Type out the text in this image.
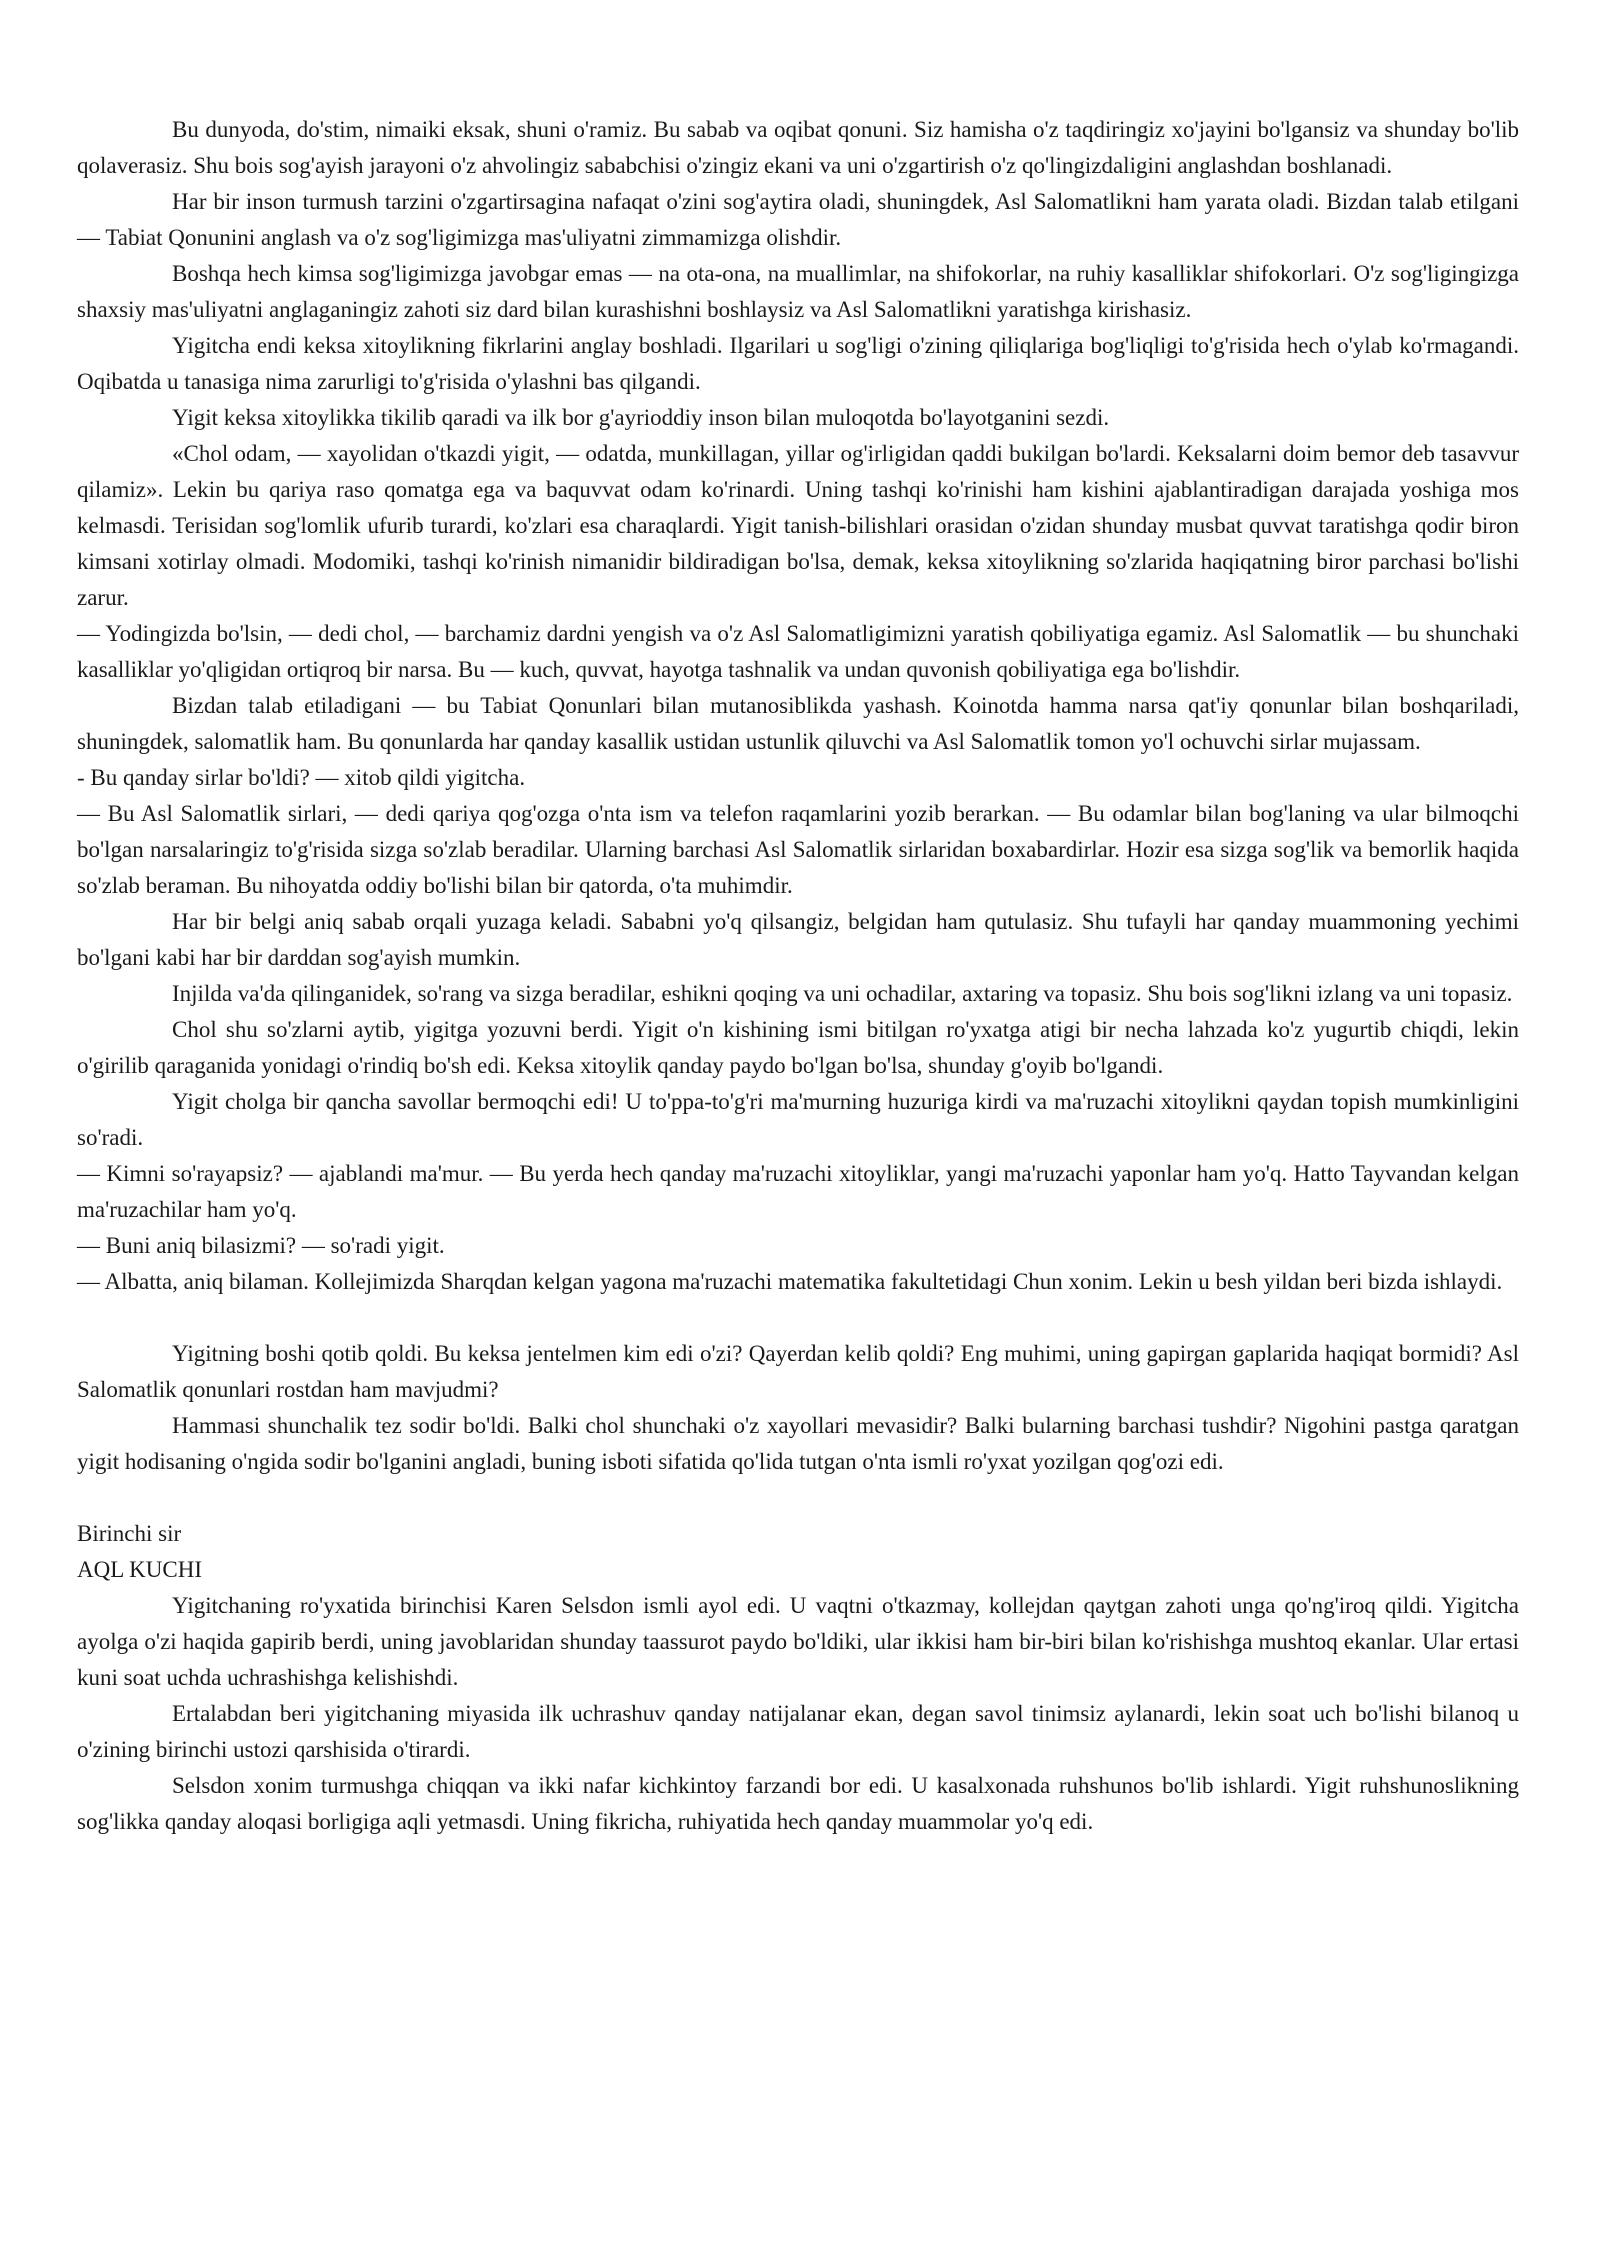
Bu dunyoda, do'stim, nimaiki eksak, shuni o'ramiz. Bu sabab va oqibat qonuni. Siz hamisha o'z taqdiringiz xo'jayini bo'lgansiz va shunday bo'lib qolaverasiz. Shu bois sog'ayish jarayoni o'z ahvolingiz sababchisi o'zingiz ekani va uni o'zgartirish o'z qo'lingizdaligini anglashdan boshlanadi.

Har bir inson turmush tarzini o'zgartirsagina nafaqat o'zini sog'aytira oladi, shuningdek, Asl Salomatlikni ham yarata oladi. Bizdan talab etilgani — Tabiat Qonunini anglash va o'z sog'ligimizga mas'uliyatni zimmamizga olishdir.

Boshqa hech kimsa sog'ligimizga javobgar emas — na ota-ona, na muallimlar, na shifokorlar, na ruhiy kasalliklar shifokorlari. O'z sog'ligingizga shaxsiy mas'uliyatni anglaganingiz zahoti siz dard bilan kurashishni boshlaysiz va Asl Salomatlikni yaratishga kirishasiz.

Yigitcha endi keksa xitoylikning fikrlarini anglay boshladi. Ilgarilari u sog'ligi o'zining qiliqlariga bog'liqligi to'g'risida hech o'ylab ko'rmagandi. Oqibatda u tanasiga nima zarurligi to'g'risida o'ylashni bas qilgandi.

Yigit keksa xitoylikka tikilib qaradi va ilk bor g'ayrioddiy inson bilan muloqotda bo'layotganini sezdi.

«Chol odam, — xayolidan o'tkazdi yigit, — odatda, munkillagan, yillar og'irligidan qaddi bukilgan bo'lardi. Keksalarni doim bemor deb tasavvur qilamiz». Lekin bu qariya raso qomatga ega va baquvvat odam ko'rinardi. Uning tashqi ko'rinishi ham kishini ajablantiradigan darajada yoshiga mos kelmasdi. Terisidan sog'lomlik ufurib turardi, ko'zlari esa charaqlardi. Yigit tanish-bilishlari orasidan o'zidan shunday musbat quvvat taratishga qodir biron kimsani xotirlay olmadi. Modomiki, tashqi ko'rinish nimanidir bildiradigan bo'lsa, demak, keksa xitoylikning so'zlarida haqiqatning biror parchasi bo'lishi zarur.

— Yodingizda bo'lsin, — dedi chol, — barchamiz dardni yengish va o'z Asl Salomatligimizni yaratish qobiliyatiga egamiz. Asl Salomatlik — bu shunchaki kasalliklar yo'qligidan ortiqroq bir narsa. Bu — kuch, quvvat, hayotga tashnalik va undan quvonish qobiliyatiga ega bo'lishdir.

Bizdan talab etiladigani — bu Tabiat Qonunlari bilan mutanosiblikda yashash. Koinotda hamma narsa qat'iy qonunlar bilan boshqariladi, shuningdek, salomatlik ham. Bu qonunlarda har qanday kasallik ustidan ustunlik qiluvchi va Asl Salomatlik tomon yo'l ochuvchi sirlar mujassam.

- Bu qanday sirlar bo'ldi? — xitob qildi yigitcha.

— Bu Asl Salomatlik sirlari, — dedi qariya qog'ozga o'nta ism va telefon raqamlarini yozib berarkan. — Bu odamlar bilan bog'laning va ular bilmoqchi bo'lgan narsalaringiz to'g'risida sizga so'zlab beradilar. Ularning barchasi Asl Salomatlik sirlaridan boxabardirlar. Hozir esa sizga sog'lik va bemorlik haqida so'zlab beraman. Bu nihoyatda oddiy bo'lishi bilan bir qatorda, o'ta muhimdir.

Har bir belgi aniq sabab orqali yuzaga keladi. Sababni yo'q qilsangiz, belgidan ham qutulasiz. Shu tufayli har qanday muammoning yechimi bo'lgani kabi har bir darddan sog'ayish mumkin.

Injilda va'da qilinganidek, so'rang va sizga beradilar, eshikni qoqing va uni ochadilar, axtaring va topasiz. Shu bois sog'likni izlang va uni topasiz.

Chol shu so'zlarni aytib, yigitga yozuvni berdi. Yigit o'n kishining ismi bitilgan ro'yxatga atigi bir necha lahzada ko'z yugurtib chiqdi, lekin o'girilib qaraganida yonidagi o'rindiq bo'sh edi. Keksa xitoylik qanday paydo bo'lgan bo'lsa, shunday g'oyib bo'lgandi.

Yigit cholga bir qancha savollar bermoqchi edi! U to'ppa-to'g'ri ma'murning huzuriga kirdi va ma'ruzachi xitoylikni qaydan topish mumkinligini so'radi.

— Kimni so'rayapsiz? — ajablandi ma'mur. — Bu yerda hech qanday ma'ruzachi xitoyliklar, yangi ma'ruzachi yaponlar ham yo'q. Hatto Tayvandan kelgan ma'ruzachilar ham yo'q.

— Buni aniq bilasizmi? — so'radi yigit.

— Albatta, aniq bilaman. Kollejimizda Sharqdan kelgan yagona ma'ruzachi matematika fakultetidagi Chun xonim. Lekin u besh yildan beri bizda ishlaydi.

Yigitning boshi qotib qoldi. Bu keksa jentelmen kim edi o'zi? Qayerdan kelib qoldi? Eng muhimi, uning gapirgan gaplarida haqiqat bormidi? Asl Salomatlik qonunlari rostdan ham mavjudmi?

Hammasi shunchalik tez sodir bo'ldi. Balki chol shunchaki o'z xayollari mevasidir? Balki bularning barchasi tushdir? Nigohini pastga qaratgan yigit hodisaning o'ngida sodir bo'lganini angladi, buning isboti sifatida qo'lida tutgan o'nta ismli ro'yxat yozilgan qog'ozi edi.

Birinchi sir

AQL KUCHI

Yigitchaning ro'yxatida birinchisi Karen Selsdon ismli ayol edi. U vaqtni o'tkazmay, kollejdan qaytgan zahoti unga qo'ng'iroq qildi. Yigitcha ayolga o'zi haqida gapirib berdi, uning javoblaridan shunday taassurot paydo bo'ldiki, ular ikkisi ham bir-biri bilan ko'rishishga mushtoq ekanlar. Ular ertasi kuni soat uchda uchrashishga kelishishdi.

Ertalabdan beri yigitchaning miyasida ilk uchrashuv qanday natijalanar ekan, degan savol tinimsiz aylanardi, lekin soat uch bo'lishi bilanoq u o'zining birinchi ustozi qarshisida o'tirardi.

Selsdon xonim turmushga chiqqan va ikki nafar kichkintoy farzandi bor edi. U kasalxonada ruhshunos bo'lib ishlardi. Yigit ruhshunoslikning sog'likka qanday aloqasi borligiga aqli yetmasdi. Uning fikricha, ruhiyatida hech qanday muammolar yo'q edi.
